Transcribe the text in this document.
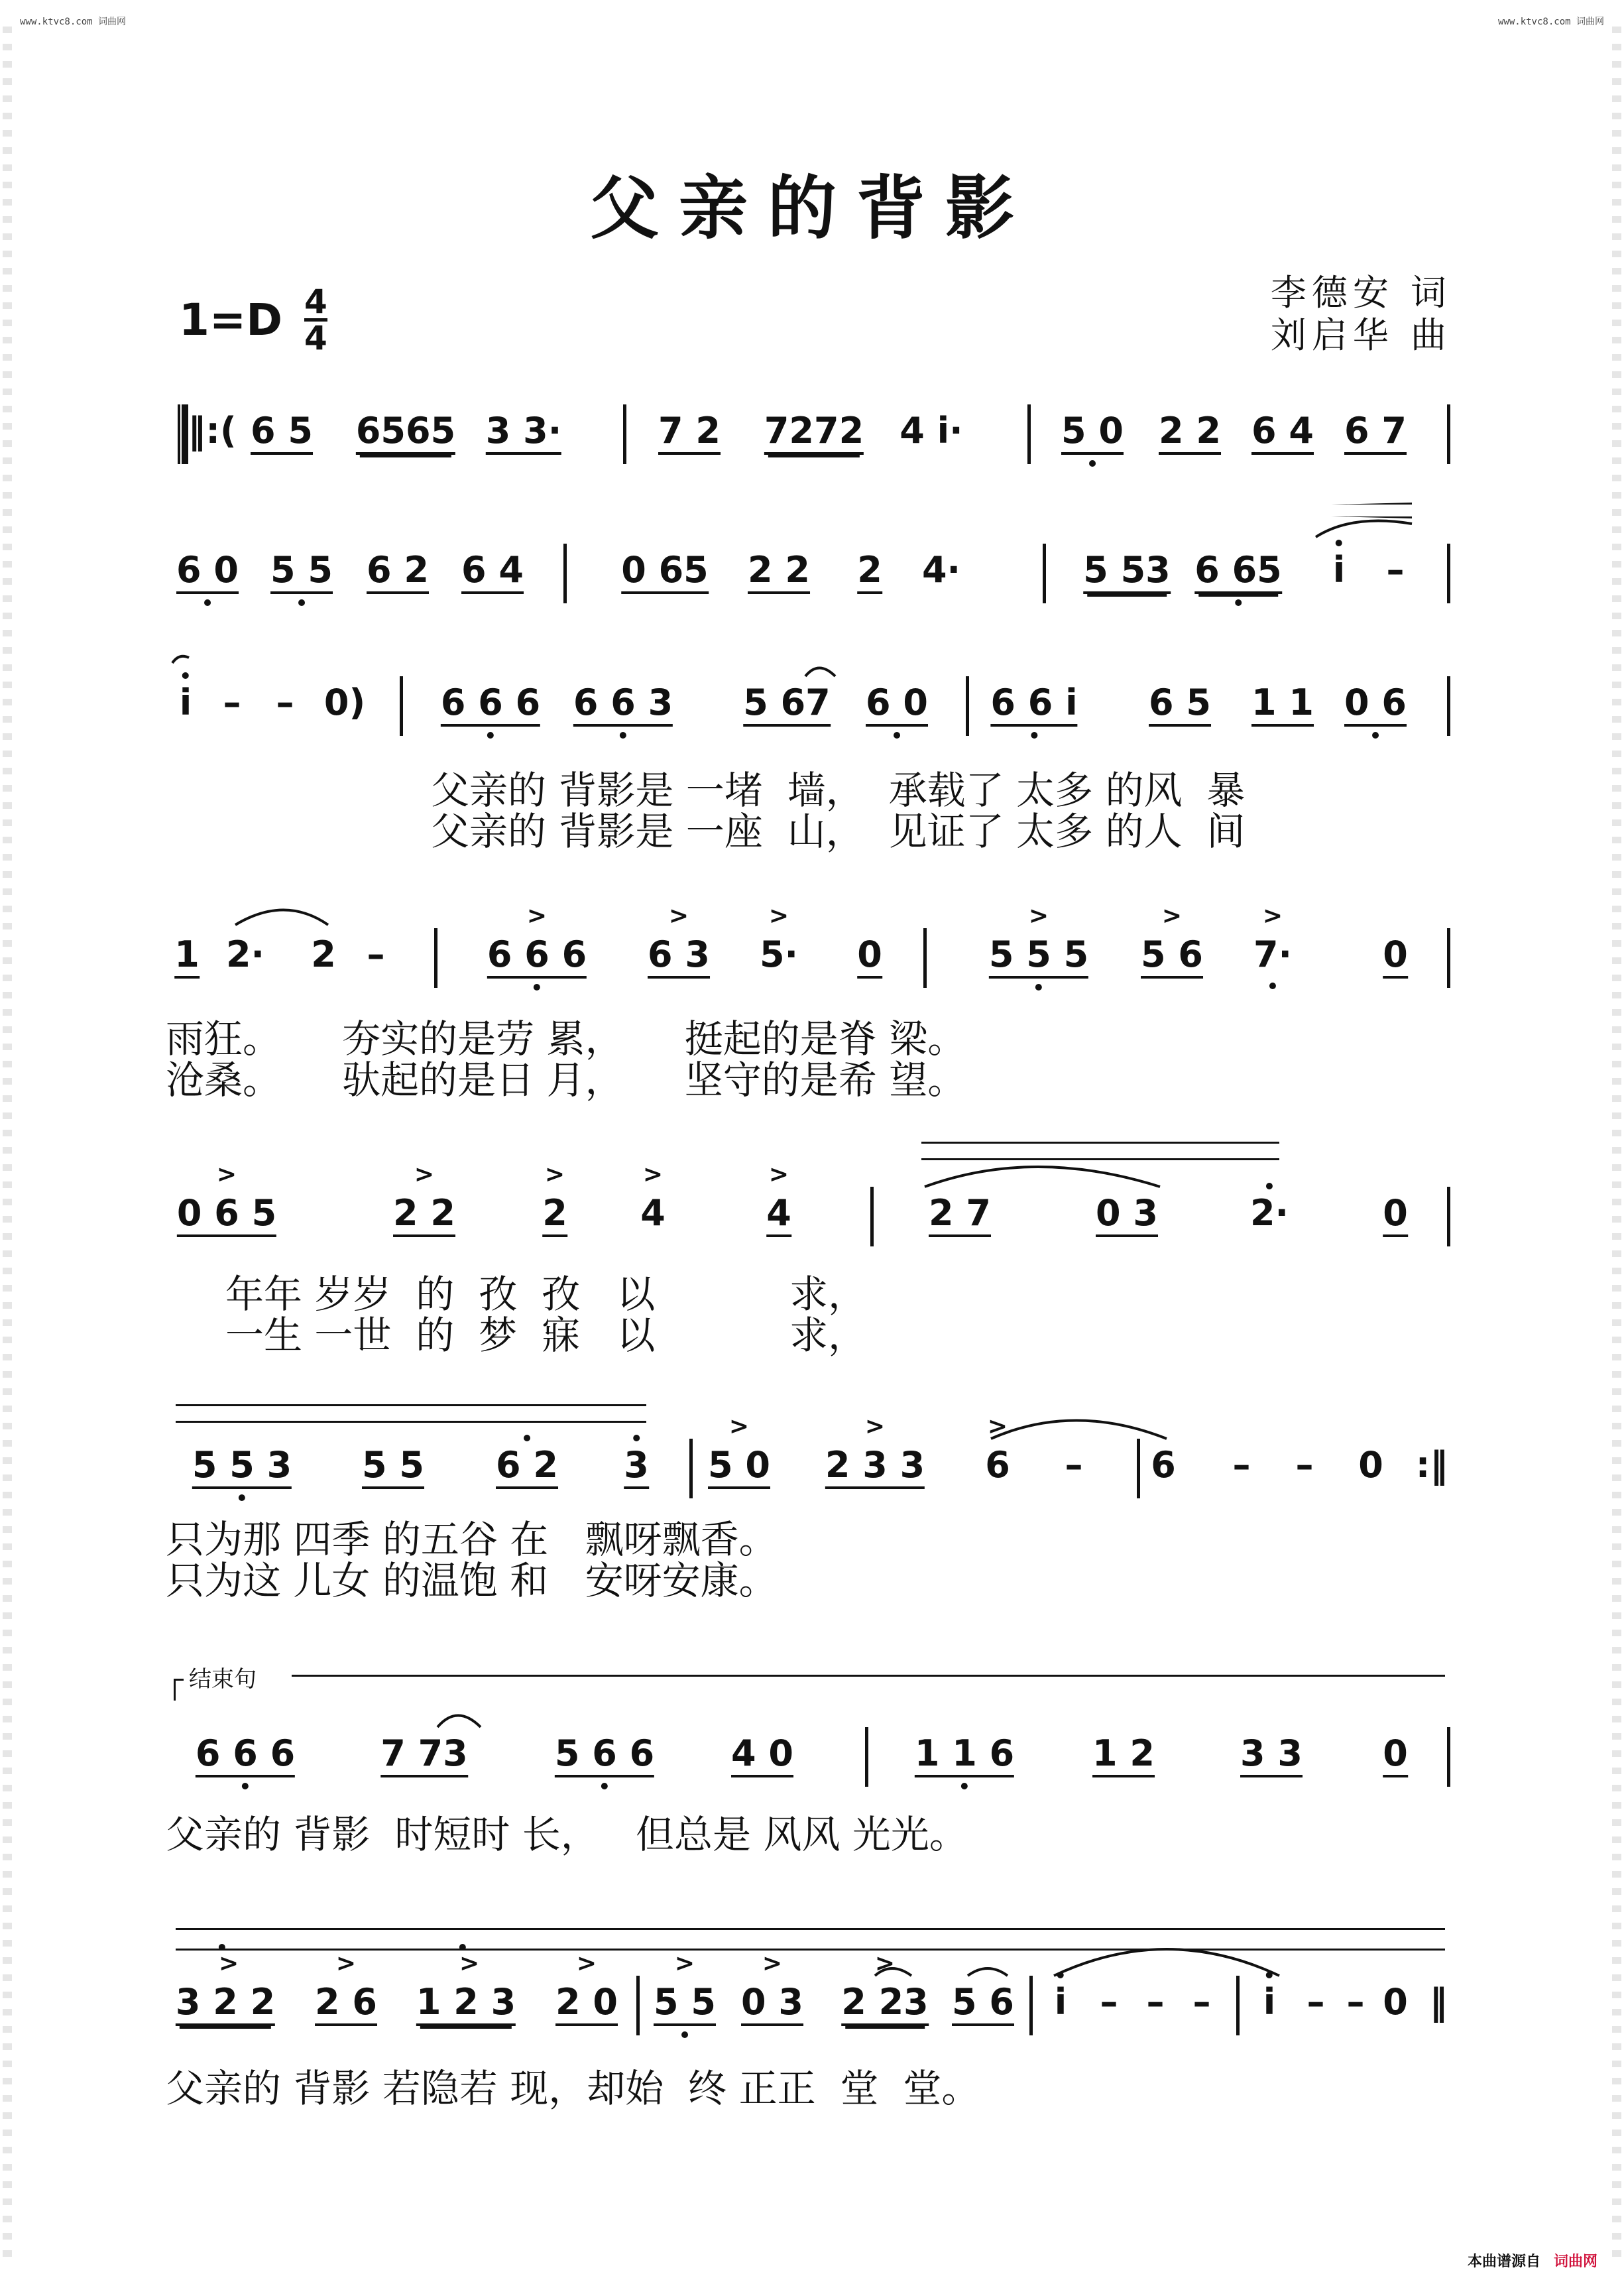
www.ktvc8.com 词曲网	www.ktvc8.com 词曲网
父亲的背影
$1=D \frac{4}{4}$	李德安 词
刘启华 曲
‖:( 6 5 6565 3 3·	7 2 7272 4 i·	5 0 2 2 6 4 6 7
6 0 5 5 6 2 6 4	0 65 2 2 2 4·	5 53 6 65 i –
i – – 0) 6 6 6 6 6 3 5 67 6 0 6 6 i 6 5 1 1 0 6
父亲的 背影是 一堵  墙，  承载了 太多 的风  暴
父亲的 背影是 一座  山，  见证了 太多 的人  间
1 2· 2 –	> 6 6 6 > 6 3 > 5· 0	> 5 5 5 > 5 6 > 7·	0
雨狂。     夯实的是劳 累，     挺起的是脊 梁。
沧桑。     驮起的是日 月，     坚守的是希 望。
> 0 6 5	> 2 2 > 2 > 4	> 4	2 7	0 3	2·	0
年年 岁岁  的  孜  孜   以           求，
一生 一世  的  梦  寐   以           求，
5 5 3 5 5 6 2 3 > 5 0 > 2 3 3 > 6 – 6 – – 0 :‖
只为那 四季 的五谷 在   飘呀飘香。
只为这 儿女 的温饱 和   安呀安康。
结束句
6 6 6 7 73 5 6 6 4 0	1 1 6 1 2 3 3 0
父亲的 背影  时短时 长，   但总是 风风 光光。
> 3 2 2 > 2 6 > 1 2 3 > 2 0 > 5 5 > 0 3 > 2 23 5 6 i – – – i – – 0 ‖
父亲的 背影 若隐若 现，却始  终 正正  堂  堂。
本曲谱源自 词曲网
